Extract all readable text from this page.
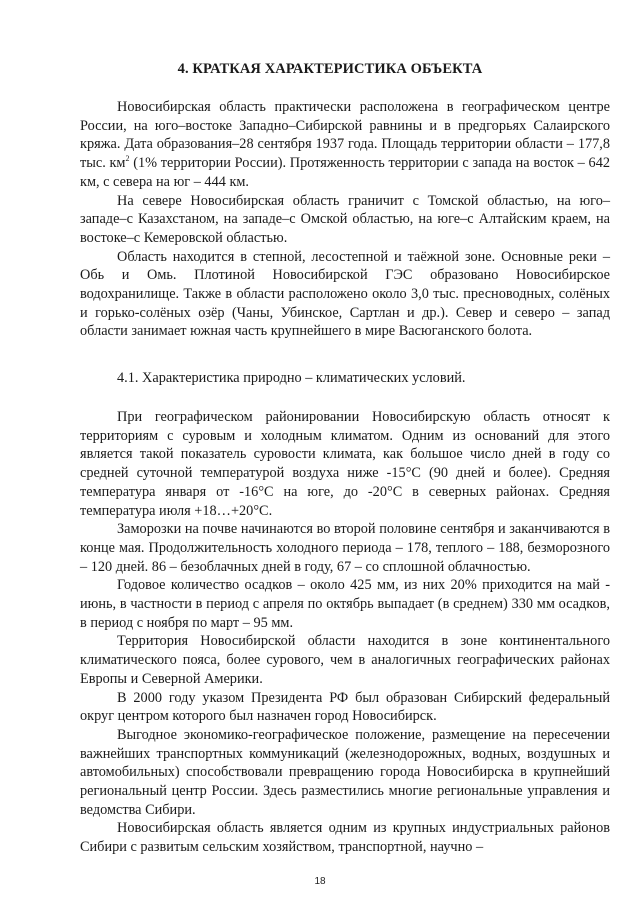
4. КРАТКАЯ ХАРАКТЕРИСТИКА ОБЪЕКТА

Новосибирская область практически расположена в географическом центре России, на юго–востоке Западно–Сибирской равнины и в предгорьях Салаирского кряжа. Дата образования–28 сентября 1937 года. Площадь территории области – 177,8 тыс. $км^2$ (1% территории России). Протяженность территории с запада на восток – 642 км, с севера на юг – 444 км.

На севере Новосибирская область граничит с Томской областью, на юго–западе–с Казахстаном, на западе–с Омской областью, на юге–с Алтайским краем, на востоке–с Кемеровской областью.

Область находится в степной, лесостепной и таёжной зоне. Основные реки – Обь и Омь. Плотиной Новосибирской ГЭС образовано Новосибирское водохранилище. Также в области расположено около 3,0 тыс. пресноводных, солёных и горько-солёных озёр (Чаны, Убинское, Сартлан и др.). Север и северо – запад области занимает южная часть крупнейшего в мире Васюганского болота.

4.1. Характеристика природно – климатических условий.

При географическом районировании Новосибирскую область относят к территориям с суровым и холодным климатом. Одним из оснований для этого является такой показатель суровости климата, как большое число дней в году со средней суточной температурой воздуха ниже -15°С (90 дней и более). Средняя температура января от -16°С на юге, до -20°С в северных районах. Средняя температура июля +18…+20°С.

Заморозки на почве начинаются во второй половине сентября и заканчиваются в конце мая. Продолжительность холодного периода – 178, теплого – 188, безморозного – 120 дней. 86 – безоблачных дней в году, 67 – со сплошной облачностью.

Годовое количество осадков – около 425 мм, из них 20% приходится на май - июнь, в частности в период с апреля по октябрь выпадает (в среднем) 330 мм осадков, в период с ноября по март – 95 мм.

Территория Новосибирской области находится в зоне континентального климатического пояса, более сурового, чем в аналогичных географических районах Европы и Северной Америки.

В 2000 году указом Президента РФ был образован Сибирский федеральный округ центром которого был назначен город Новосибирск.

Выгодное экономико-географическое положение, размещение на пересечении важнейших транспортных коммуникаций (железнодорожных, водных, воздушных и автомобильных) способствовали превращению города Новосибирска в крупнейший региональный центр России. Здесь разместились многие региональные управления и ведомства Сибири.

Новосибирская область является одним из крупных индустриальных районов Сибири с развитым сельским хозяйством, транспортной, научно –

18
